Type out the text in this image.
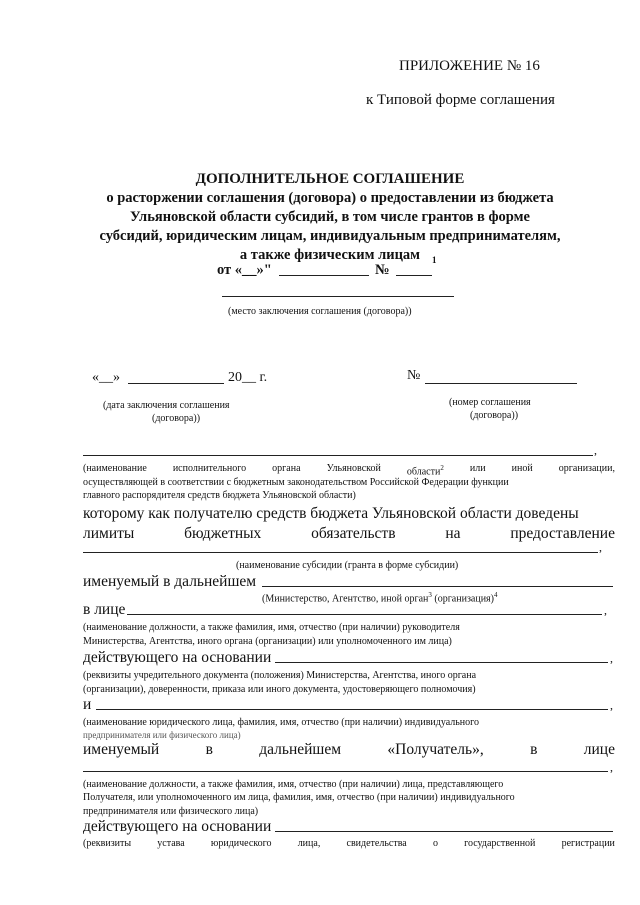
ПРИЛОЖЕНИЕ № 16
к Типовой форме соглашения
ДОПОЛНИТЕЛЬНОЕ СОГЛАШЕНИЕ
о расторжении соглашения (договора) о предоставлении из бюджета
Ульяновской области субсидий, в том числе грантов в форме
субсидий, юридическим лицам, индивидуальным предпринимателям,
а также физическим лицам
от «__»"	№
1
(место заключения соглашения (договора))
«__»	20__ г.
(дата заключения соглашения
(договора))
№
(номер соглашения
(договора))
,
(наименование	исполнительного	органа	Ульяновской	области$^2$	или	иной	организации,
осуществляющей в соответствии с бюджетным законодательством Российской Федерации функции
главного распорядителя средств бюджета Ульяновской области)
которому как получателю средств бюджета Ульяновской области доведены
лимиты	бюджетных	обязательств	на	предоставление
,
(наименование субсидии (гранта в форме субсидии)
именуемый в дальнейшем
(Министерство, Агентство, иной орган$^3$ (организация)$^4$
в лице	,
(наименование должности, а также фамилия, имя, отчество (при наличии) руководителя
Министерства, Агентства, иного органа (организации) или уполномоченного им лица)
действующего на основании	,
(реквизиты учредительного документа (положения) Министерства, Агентства, иного органа
(организации), доверенности, приказа или иного документа, удостоверяющего полномочия)
и	,
(наименование юридического лица, фамилия, имя, отчество (при наличии) индивидуального
предпринимателя или физического лица)
именуемый	в	дальнейшем	«Получатель»,	в	лице
,
(наименование должности, а также фамилия, имя, отчество (при наличии) лица, представляющего
Получателя, или уполномоченного им лица, фамилия, имя, отчество (при наличии) индивидуального
предпринимателя или физического лица)
действующего на основании
(реквизиты	устава	юридического	лица,	свидетельства	о	государственной	регистрации
